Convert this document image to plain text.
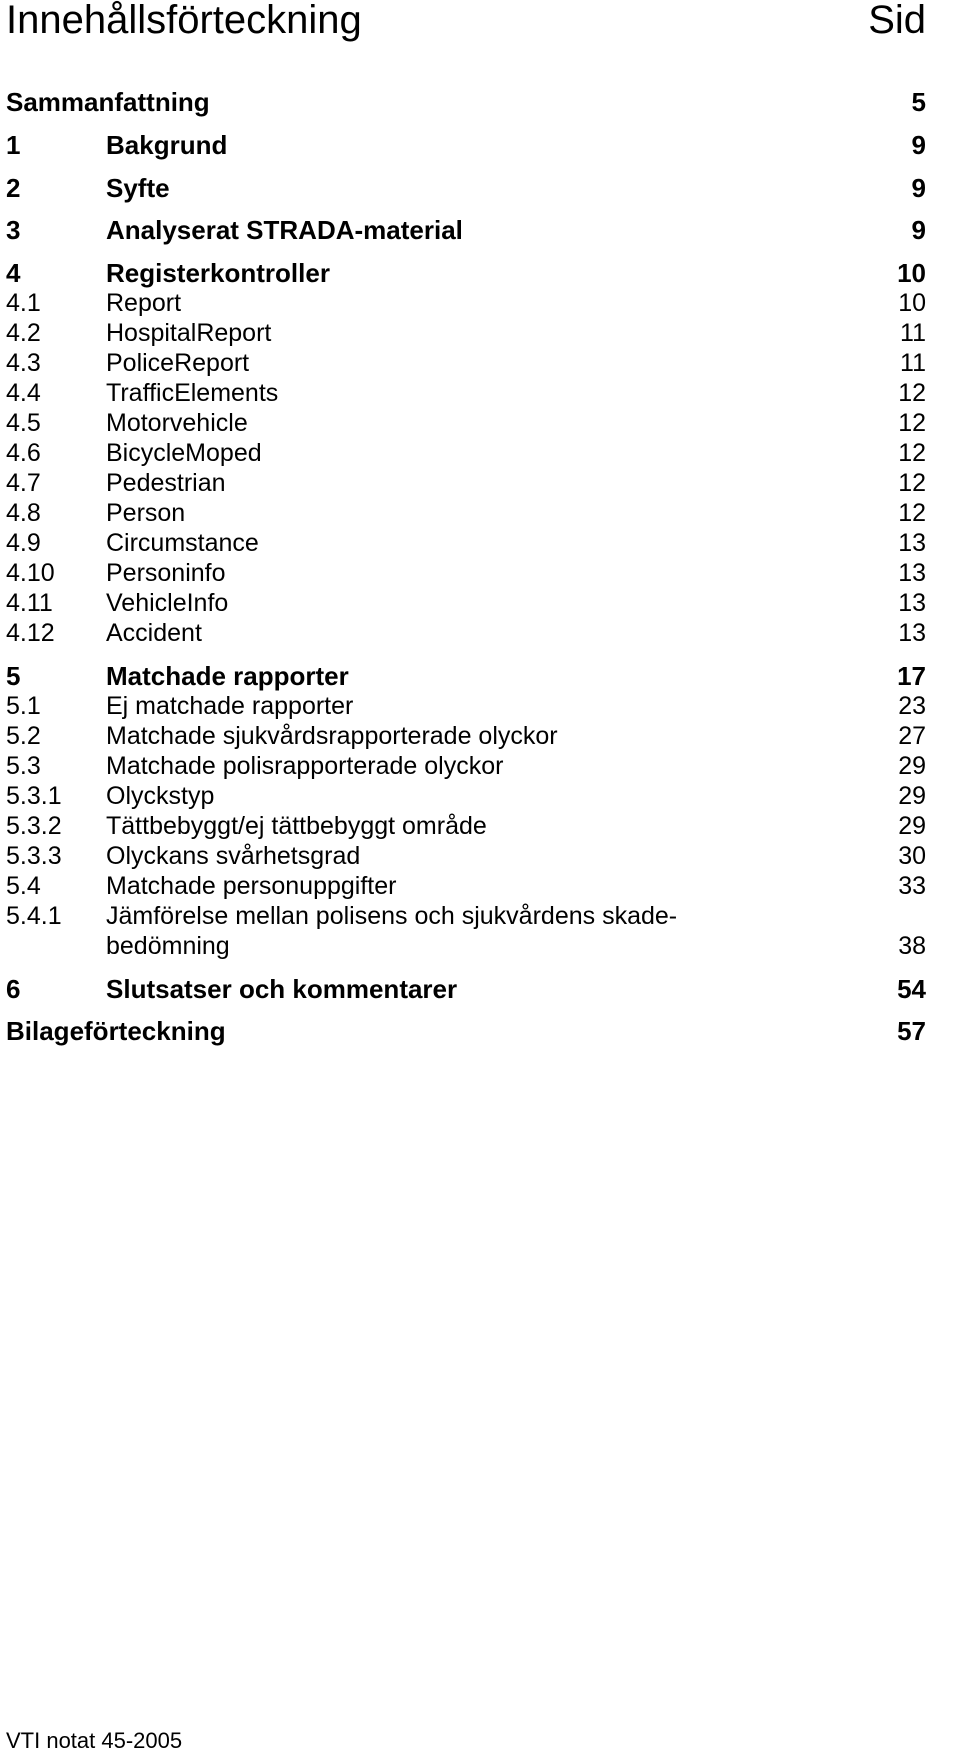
Innehållsförteckning	Sid
Sammanfattning	5
1	Bakgrund	9
2	Syfte	9
3	Analyserat STRADA-material	9
4	Registerkontroller	10
4.1	Report	10
4.2	HospitalReport	11
4.3	PoliceReport	11
4.4	TrafficElements	12
4.5	Motorvehicle	12
4.6	BicycleMoped	12
4.7	Pedestrian	12
4.8	Person	12
4.9	Circumstance	13
4.10 Personinfo	13
4.11 VehicleInfo	13
4.12 Accident	13
5	Matchade rapporter	17
5.1	Ej matchade rapporter	23
5.2	Matchade sjukvårdsrapporterade olyckor	27
5.3	Matchade polisrapporterade olyckor	29
5.3.1 Olyckstyp	29
5.3.2 Tättbebyggt/ej tättbebyggt område	29
5.3.3 Olyckans svårhetsgrad	30
5.4	Matchade personuppgifter	33
5.4.1 Jämförelse mellan polisens och sjukvårdens skade-
bedömning	38
6	Slutsatser och kommentarer	54
Bilageförteckning	57
VTI notat 45-2005
